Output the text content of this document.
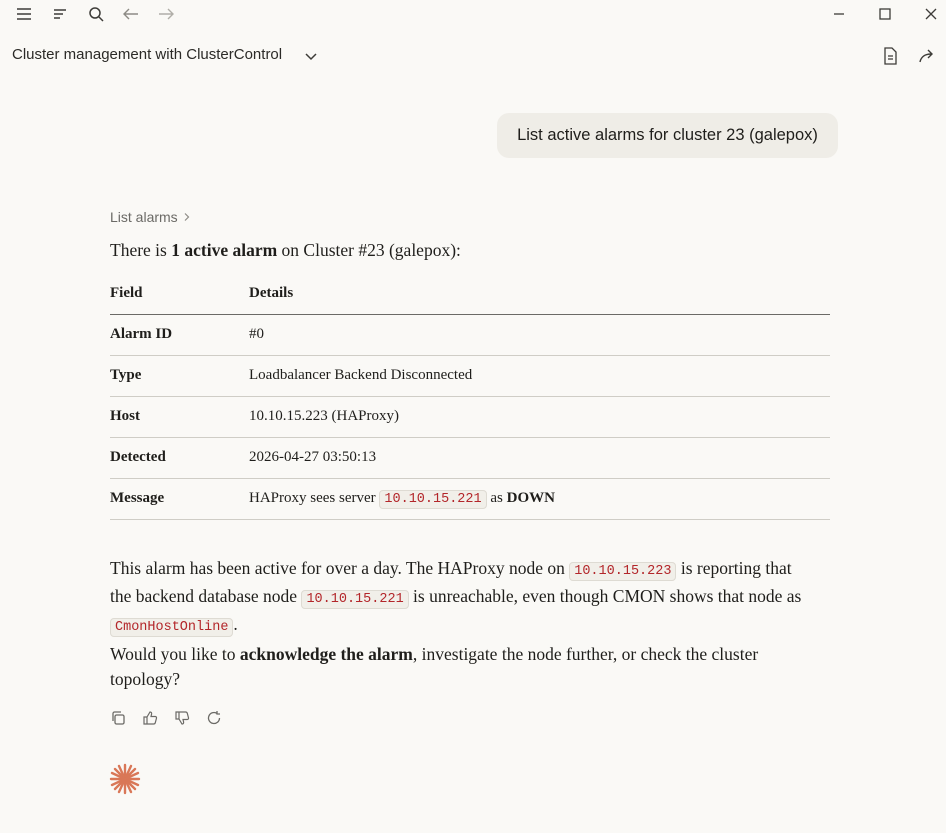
Cluster management with ClusterControl
List active alarms for cluster 23 (galepox)
List alarms
There is 1 active alarm on Cluster #23 (galepox):
Field	Details
Alarm ID	#0
Type	Loadbalancer Backend Disconnected
Host	10.10.15.223 (HAProxy)
Detected	2026-04-27 03:50:13
Message	HAProxy sees server 10.10.15.221 as DOWN
This alarm has been active for over a day. The HAProxy node on 10.10.15.223 is reporting that the backend database node 10.10.15.221 is unreachable, even though CMON shows that node as CmonHostOnline .
Would you like to acknowledge the alarm, investigate the node further, or check the cluster topology?
